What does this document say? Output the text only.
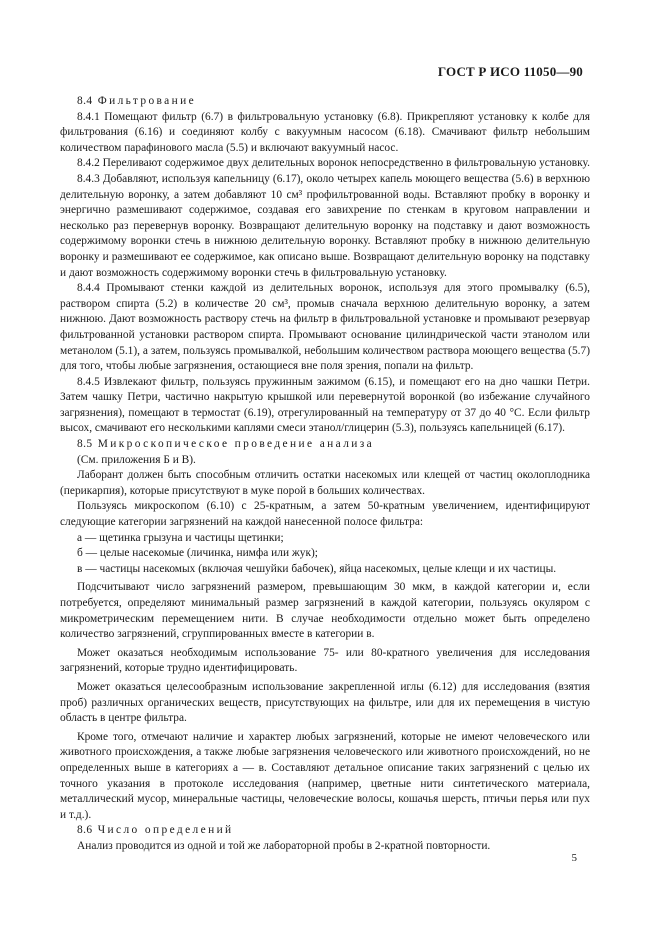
ГОСТ Р ИСО 11050—90

8.4 Фильтрование

8.4.1 Помещают фильтр (6.7) в фильтровальную установку (6.8). Прикрепляют установку к колбе для фильтрования (6.16) и соединяют колбу с вакуумным насосом (6.18). Смачивают фильтр небольшим количеством парафинового масла (5.5) и включают вакуумный насос.

8.4.2 Переливают содержимое двух делительных воронок непосредственно в фильтровальную установку.

8.4.3 Добавляют, используя капельницу (6.17), около четырех капель моющего вещества (5.6) в верхнюю делительную воронку, а затем добавляют 10 см³ профильтрованной воды. Вставляют пробку в воронку и энергично размешивают содержимое, создавая его завихрение по стенкам в круговом направлении и несколько раз перевернув воронку. Возвращают делительную воронку на подставку и дают возможность содержимому воронки стечь в нижнюю делительную воронку. Вставляют пробку в нижнюю делительную воронку и размешивают ее содержимое, как описано выше. Возвращают делительную воронку на подставку и дают возможность содержимому воронки стечь в фильтровальную установку.

8.4.4 Промывают стенки каждой из делительных воронок, используя для этого промывалку (6.5), раствором спирта (5.2) в количестве 20 см³, промыв сначала верхнюю делительную воронку, а затем нижнюю. Дают возможность раствору стечь на фильтр в фильтровальной установке и промывают резервуар фильтрованной установки раствором спирта. Промывают основание цилиндрической части этанолом или метанолом (5.1), а затем, пользуясь промывалкой, небольшим количеством раствора моющего вещества (5.7) для того, чтобы любые загрязнения, остающиеся вне поля зрения, попали на фильтр.

8.4.5 Извлекают фильтр, пользуясь пружинным зажимом (6.15), и помещают его на дно чашки Петри. Затем чашку Петри, частично накрытую крышкой или перевернутой воронкой (во избежание случайного загрязнения), помещают в термостат (6.19), отрегулированный на температуру от 37 до 40 °С. Если фильтр высох, смачивают его несколькими каплями смеси этанол/глицерин (5.3), пользуясь капельницей (6.17).

8.5 Микроскопическое проведение анализа

(См. приложения Б и В).

Лаборант должен быть способным отличить остатки насекомых или клещей от частиц околоплодника (перикарпия), которые присутствуют в муке порой в больших количествах.

Пользуясь микроскопом (6.10) с 25-кратным, а затем 50-кратным увеличением, идентифицируют следующие категории загрязнений на каждой нанесенной полосе фильтра:

а — щетинка грызуна и частицы щетинки;

б — целые насекомые (личинка, нимфа или жук);

в — частицы насекомых (включая чешуйки бабочек), яйца насекомых, целые клещи и их частицы.

Подсчитывают число загрязнений размером, превышающим 30 мкм, в каждой категории и, если потребуется, определяют минимальный размер загрязнений в каждой категории, пользуясь окуляром с микрометрическим перемещением нити. В случае необходимости отдельно может быть определено количество загрязнений, сгруппированных вместе в категории в.

Может оказаться необходимым использование 75- или 80-кратного увеличения для исследования загрязнений, которые трудно идентифицировать.

Может оказаться целесообразным использование закрепленной иглы (6.12) для исследования (взятия проб) различных органических веществ, присутствующих на фильтре, или для их перемещения в чистую область в центре фильтра.

Кроме того, отмечают наличие и характер любых загрязнений, которые не имеют человеческого или животного происхождения, а также любые загрязнения человеческого или животного происхождений, но не определенных выше в категориях а — в. Составляют детальное описание таких загрязнений с целью их точного указания в протоколе исследования (например, цветные нити синтетического материала, металлический мусор, минеральные частицы, человеческие волосы, кошачья шерсть, птичьи перья или пух и т.д.).

8.6 Число определений

Анализ проводится из одной и той же лабораторной пробы в 2-кратной повторности.

5
